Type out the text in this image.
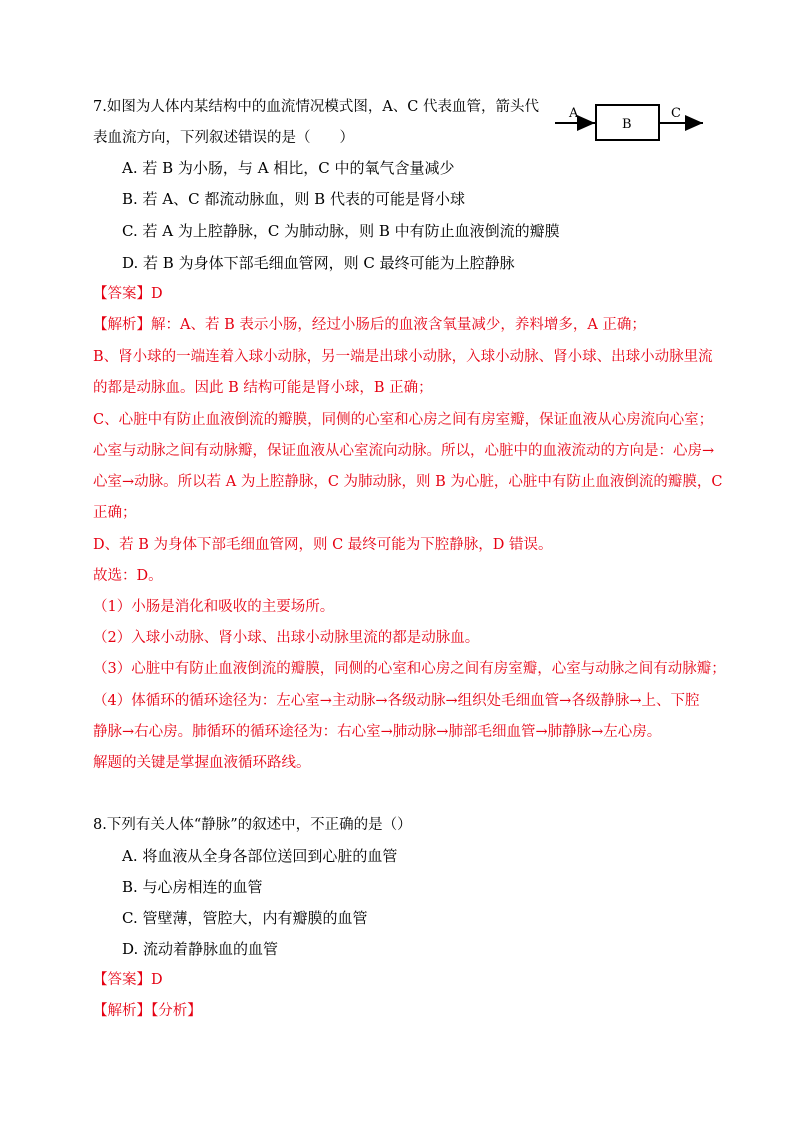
7.如图为人体内某结构中的血流情况模式图，A、C 代表血管，箭头代
表血流方向，下列叙述错误的是（　　）
A
B
C
A. 若 B 为小肠，与 A 相比，C 中的氧气含量减少
B. 若 A、C 都流动脉血，则 B 代表的可能是肾小球
C. 若 A 为上腔静脉，C 为肺动脉，则 B 中有防止血液倒流的瓣膜
D. 若 B 为身体下部毛细血管网，则 C 最终可能为上腔静脉
【答案】D
【解析】解：A、若 B 表示小肠，经过小肠后的血液含氧量减少，养料增多，A 正确；
B、肾小球的一端连着入球小动脉，另一端是出球小动脉，入球小动脉、肾小球、出球小动脉里流
的都是动脉血。因此 B 结构可能是肾小球，B 正确；
C、心脏中有防止血液倒流的瓣膜，同侧的心室和心房之间有房室瓣，保证血液从心房流向心室；
心室与动脉之间有动脉瓣，保证血液从心室流向动脉。所以，心脏中的血液流动的方向是：心房→
心室→动脉。所以若 A 为上腔静脉，C 为肺动脉，则 B 为心脏，心脏中有防止血液倒流的瓣膜，C
正确；
D、若 B 为身体下部毛细血管网，则 C 最终可能为下腔静脉，D 错误。
故选：D。
（1）小肠是消化和吸收的主要场所。
（2）入球小动脉、肾小球、出球小动脉里流的都是动脉血。
（3）心脏中有防止血液倒流的瓣膜，同侧的心室和心房之间有房室瓣，心室与动脉之间有动脉瓣；
（4）体循环的循环途径为：左心室→主动脉→各级动脉→组织处毛细血管→各级静脉→上、下腔
静脉→右心房。肺循环的循环途径为：右心室→肺动脉→肺部毛细血管→肺静脉→左心房。
解题的关键是掌握血液循环路线。
8.下列有关人体“静脉”的叙述中，不正确的是（）
A. 将血液从全身各部位送回到心脏的血管
B. 与心房相连的血管
C. 管壁薄，管腔大，内有瓣膜的血管
D. 流动着静脉血的血管
【答案】D
【解析】【分析】
